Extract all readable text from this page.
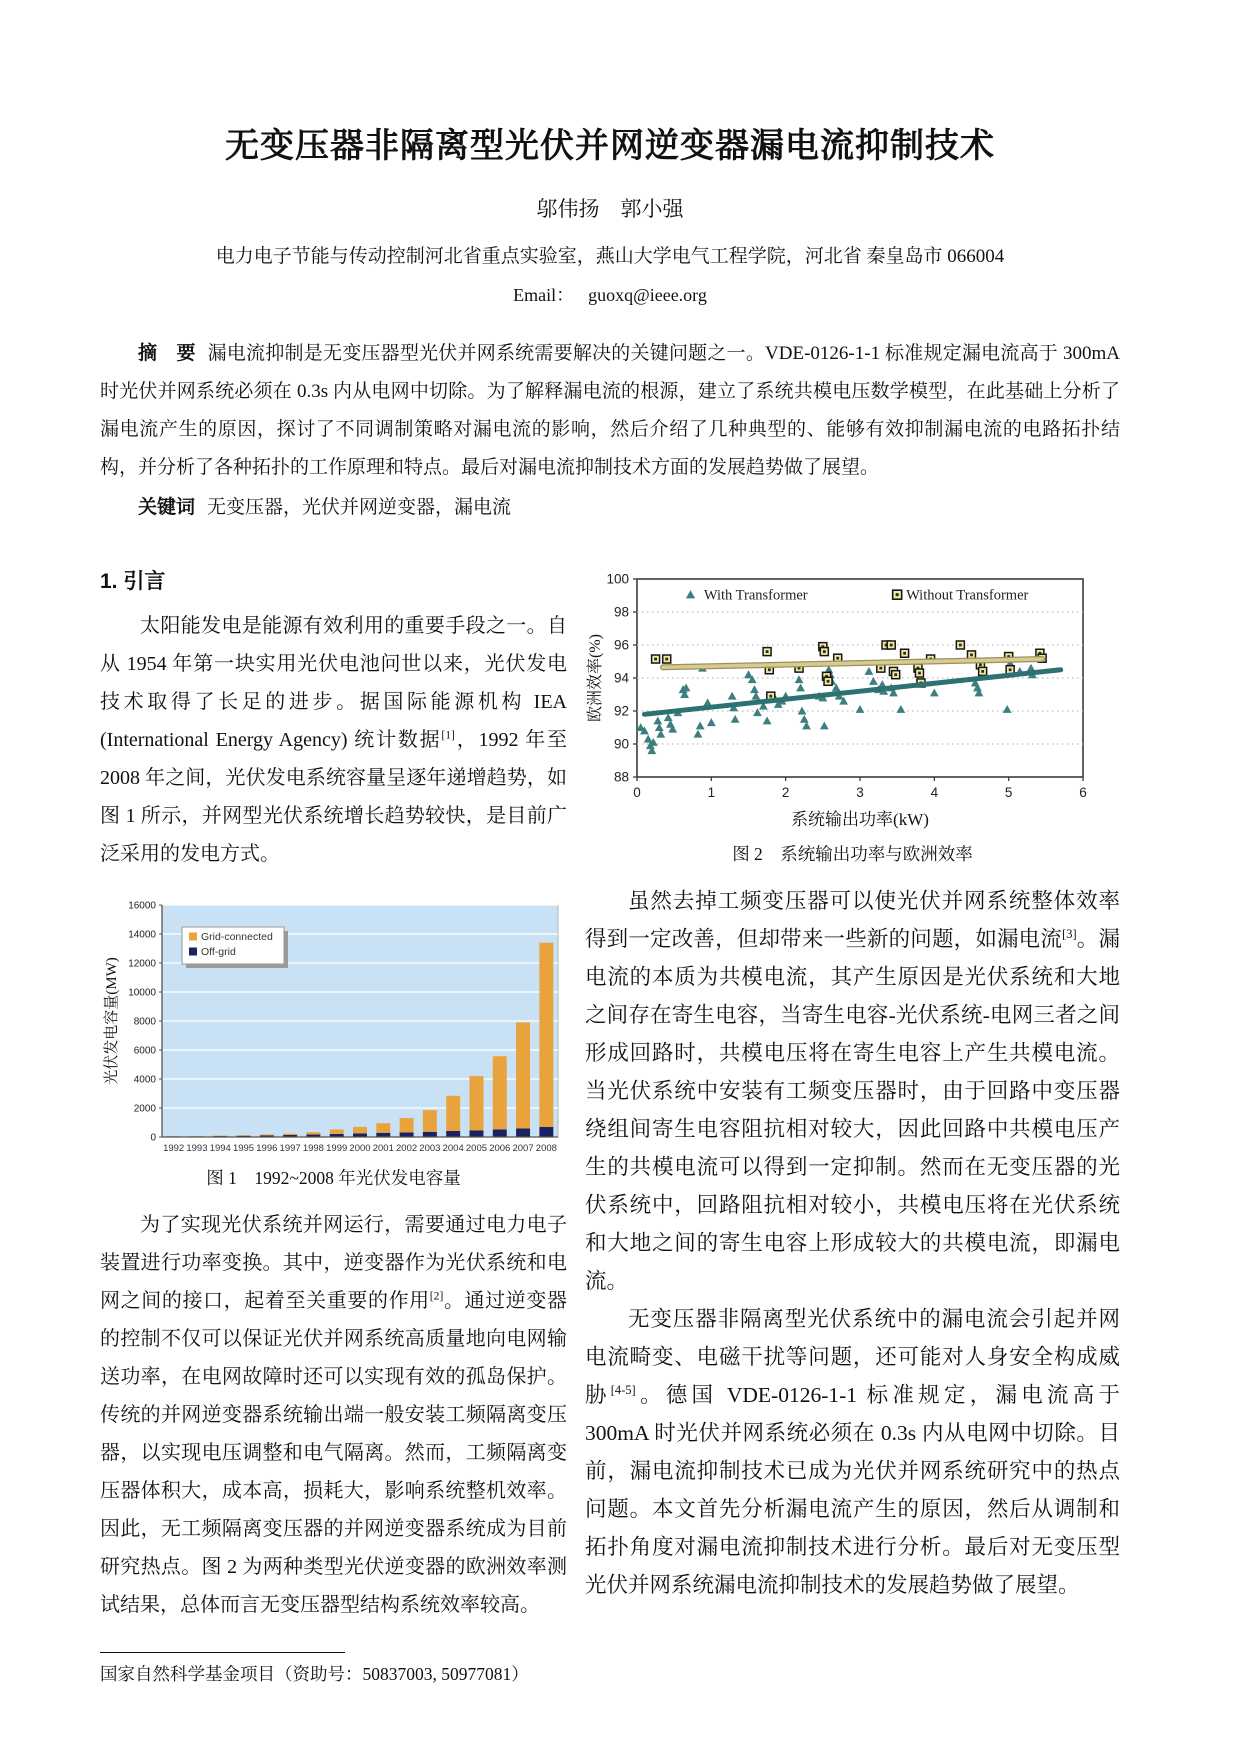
无变压器非隔离型光伏并网逆变器漏电流抑制技术
邬伟扬　郭小强
电力电子节能与传动控制河北省重点实验室，燕山大学电气工程学院，河北省 秦皇岛市 066004
Email： guoxq@ieee.org

摘　要 漏电流抑制是无变压器型光伏并网系统需要解决的关键问题之一。VDE-0126-1-1 标准规定漏电流高于 300mA 时光伏并网系统必须在 0.3s 内从电网中切除。为了解释漏电流的根源，建立了系统共模电压数学模型，在此基础上分析了漏电流产生的原因，探讨了不同调制策略对漏电流的影响，然后介绍了几种典型的、能够有效抑制漏电流的电路拓扑结构，并分析了各种拓扑的工作原理和特点。最后对漏电流抑制技术方面的发展趋势做了展望。

关键词 无变压器，光伏并网逆变器，漏电流

1. 引言

太阳能发电是能源有效利用的重要手段之一。自从 1954 年第一块实用光伏电池问世以来，光伏发电技术取得了长足的进步。据国际能源机构 IEA (International Energy Agency) 统计数据[1]，1992 年至 2008 年之间，光伏发电系统容量呈逐年递增趋势，如图 1 所示，并网型光伏系统增长趋势较快，是目前广泛采用的发电方式。

0
2000
4000
6000
8000
10000
12000
14000
16000
1992 1993 1994 1995 1996 1997 1998 1999 2000 2001 2002 2003 2004 2005 2006 2007 2008
光伏发电容量(MW)
Grid-connected
Off-grid
图 1　1992~2008 年光伏发电容量

为了实现光伏系统并网运行，需要通过电力电子装置进行功率变换。其中，逆变器作为光伏系统和电网之间的接口，起着至关重要的作用[2]。通过逆变器的控制不仅可以保证光伏并网系统高质量地向电网输送功率，在电网故障时还可以实现有效的孤岛保护。传统的并网逆变器系统输出端一般安装工频隔离变压器，以实现电压调整和电气隔离。然而，工频隔离变压器体积大，成本高，损耗大，影响系统整机效率。因此，无工频隔离变压器的并网逆变器系统成为目前研究热点。图 2 为两种类型光伏逆变器的欧洲效率测试结果，总体而言无变压器型结构系统效率较高。

国家自然科学基金项目（资助号：50837003, 50977081）
88
90
92
94
96
98
100
0	1	2	3	4	5	6
With Transformer	Without Transformer
系统输出功率(kW)
欧洲效率(%)
图 2　系统输出功率与欧洲效率

虽然去掉工频变压器可以使光伏并网系统整体效率得到一定改善，但却带来一些新的问题，如漏电流[3]。漏电流的本质为共模电流，其产生原因是光伏系统和大地之间存在寄生电容，当寄生电容-光伏系统-电网三者之间形成回路时，共模电压将在寄生电容上产生共模电流。当光伏系统中安装有工频变压器时，由于回路中变压器绕组间寄生电容阻抗相对较大，因此回路中共模电压产生的共模电流可以得到一定抑制。然而在无变压器的光伏系统中，回路阻抗相对较小，共模电压将在光伏系统和大地之间的寄生电容上形成较大的共模电流，即漏电流。

无变压器非隔离型光伏系统中的漏电流会引起并网电流畸变、电磁干扰等问题，还可能对人身安全构成威胁[4-5]。德国 VDE-0126-1-1 标准规定，漏电流高于 300mA 时光伏并网系统必须在 0.3s 内从电网中切除。目前，漏电流抑制技术已成为光伏并网系统研究中的热点问题。本文首先分析漏电流产生的原因，然后从调制和拓扑角度对漏电流抑制技术进行分析。最后对无变压型光伏并网系统漏电流抑制技术的发展趋势做了展望。
